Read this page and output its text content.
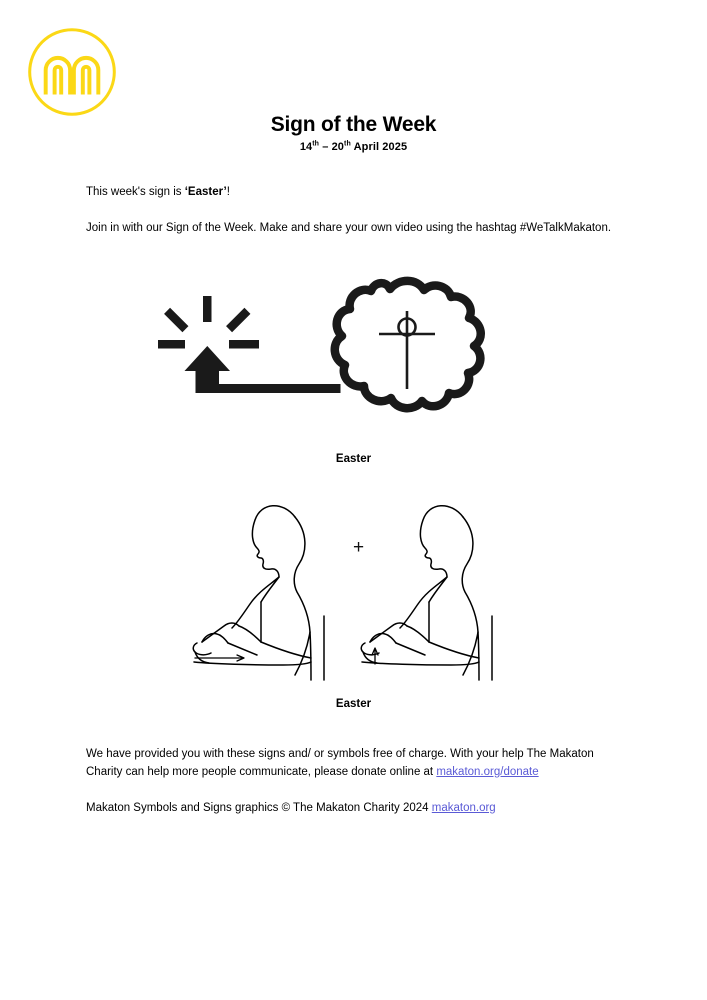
Sign of the Week
14th – 20th April 2025

This week's sign is ‘Easter’!

Join in with our Sign of the Week. Make and share your own video using the hashtag #WeTalkMakaton.

Easter
+
Easter

We have provided you with these signs and/ or symbols free of charge. With your help The Makaton Charity can help more people communicate, please donate online at makaton.org/donate

Makaton Symbols and Signs graphics © The Makaton Charity 2024 makaton.org
